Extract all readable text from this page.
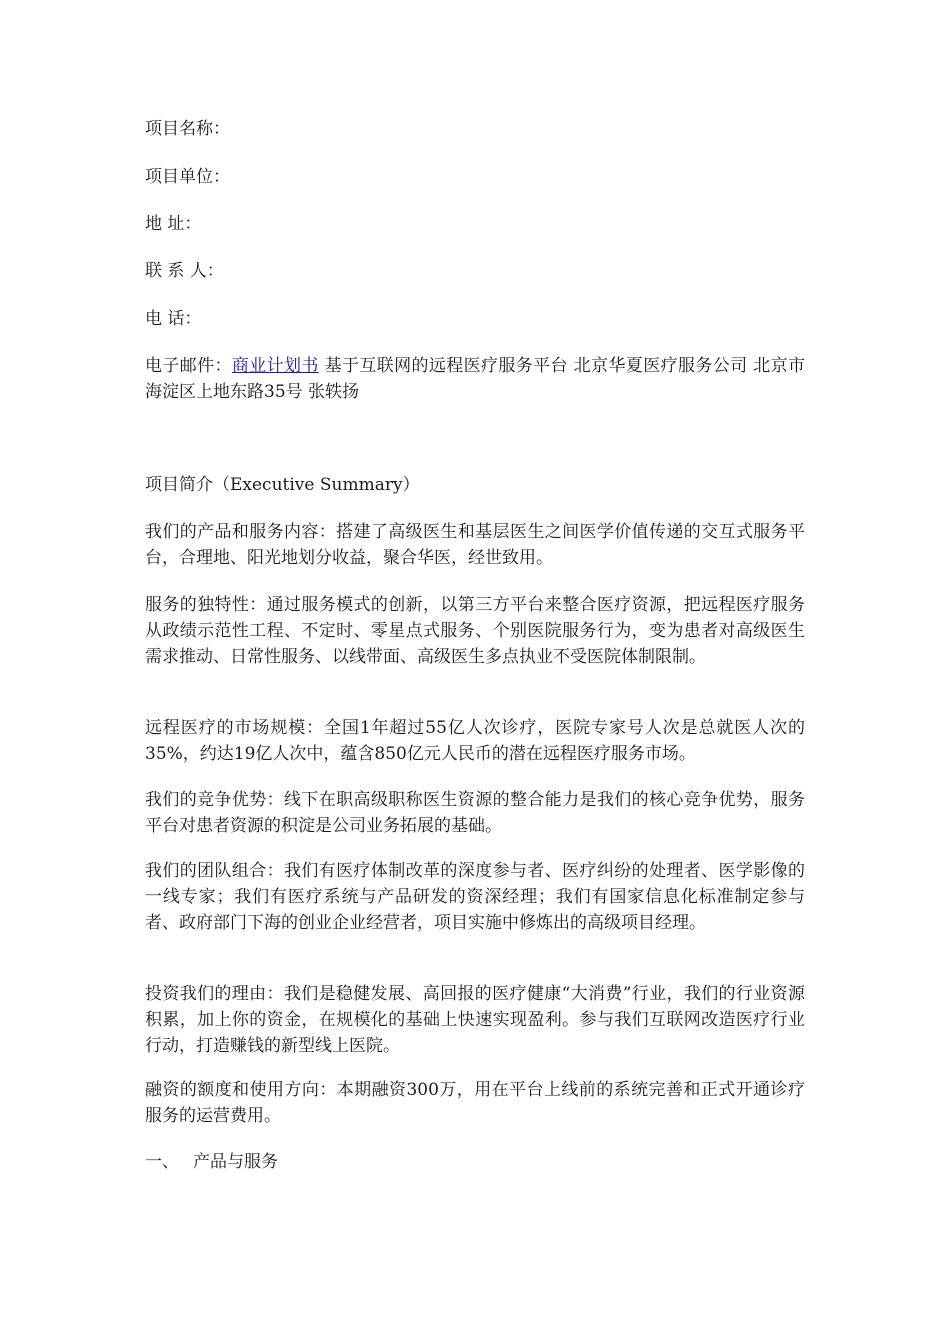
项目名称：
项目单位：
地 址：
联 系 人：
电 话：
电子邮件：商业计划书 基于互联网的远程医疗服务平台 北京华夏医疗服务公司 北京市海淀区上地东路35号 张轶扬
项目简介（Executive Summary）
我们的产品和服务内容：搭建了高级医生和基层医生之间医学价值传递的交互式服务平台，合理地、阳光地划分收益，聚合华医，经世致用。
服务的独特性：通过服务模式的创新，以第三方平台来整合医疗资源，把远程医疗服务从政绩示范性工程、不定时、零星点式服务、个别医院服务行为，变为患者对高级医生需求推动、日常性服务、以线带面、高级医生多点执业不受医院体制限制。
远程医疗的市场规模：全国1年超过55亿人次诊疗，医院专家号人次是总就医人次的35%，约达19亿人次中，蕴含850亿元人民币的潜在远程医疗服务市场。
我们的竞争优势：线下在职高级职称医生资源的整合能力是我们的核心竞争优势，服务平台对患者资源的积淀是公司业务拓展的基础。
我们的团队组合：我们有医疗体制改革的深度参与者、医疗纠纷的处理者、医学影像的一线专家；我们有医疗系统与产品研发的资深经理；我们有国家信息化标准制定参与者、政府部门下海的创业企业经营者，项目实施中修炼出的高级项目经理。
投资我们的理由：我们是稳健发展、高回报的医疗健康“大消费”行业，我们的行业资源积累，加上你的资金，在规模化的基础上快速实现盈利。参与我们互联网改造医疗行业行动，打造赚钱的新型线上医院。
融资的额度和使用方向：本期融资300万，用在平台上线前的系统完善和正式开通诊疗服务的运营费用。
一、 产品与服务
